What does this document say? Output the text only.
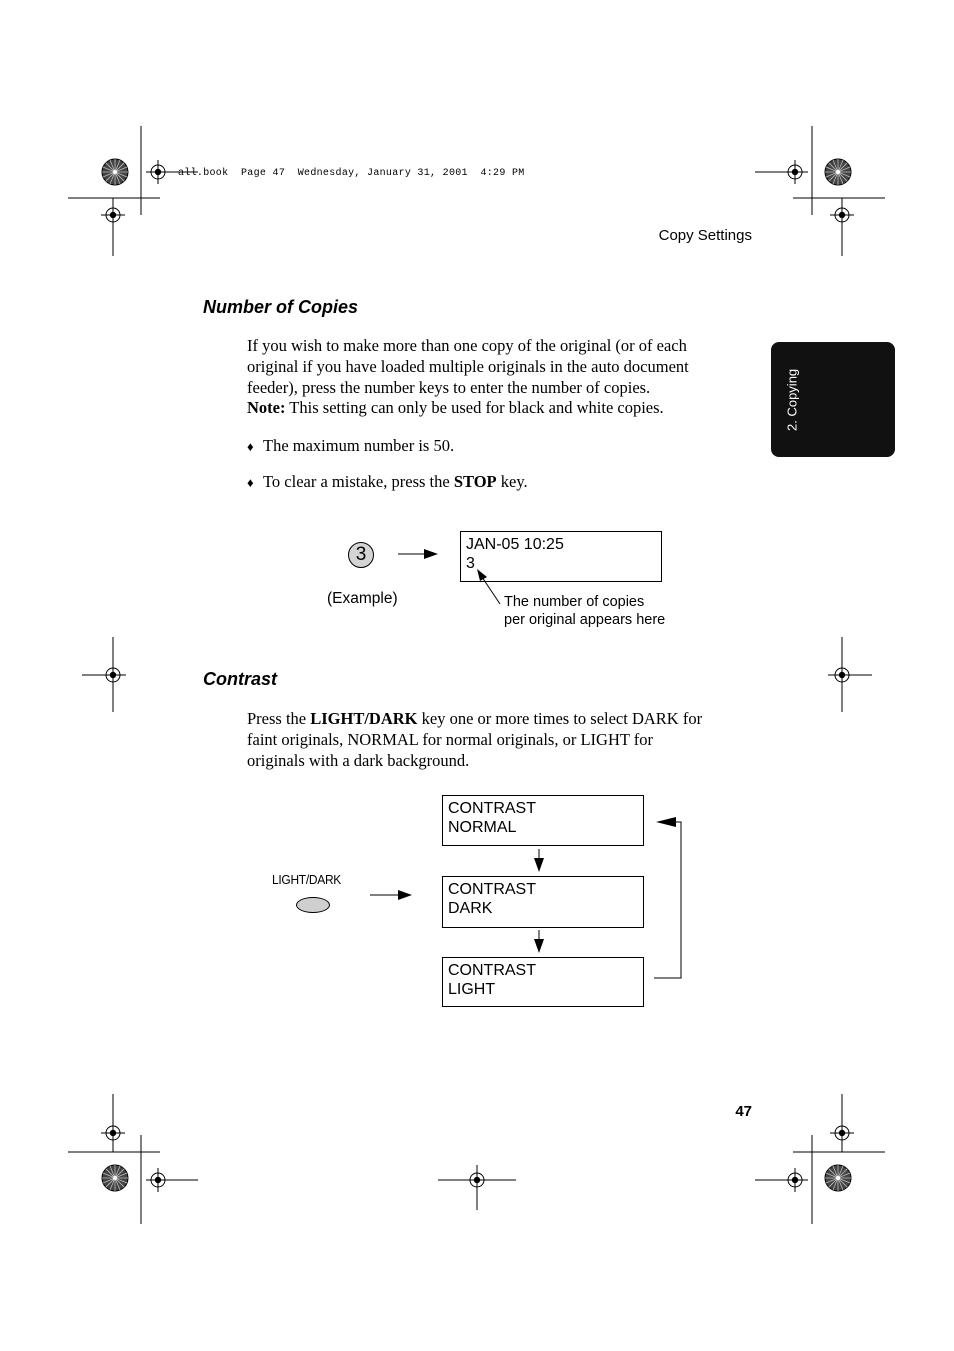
all.book  Page 47  Wednesday, January 31, 2001  4:29 PM
Copy Settings
2. Copying
Number of Copies
If you wish to make more than one copy of the original (or of each
original if you have loaded multiple originals in the auto document
feeder), press the number keys to enter the number of copies.
Note: This setting can only be used for black and white copies.
♦ The maximum number is 50.
♦ To clear a mistake, press the STOP key.
3
(Example)
JAN-05 10:25
3
The number of copies
per original appears here
Contrast
Press the LIGHT/DARK key one or more times to select DARK for
faint originals, NORMAL for normal originals, or LIGHT for
originals with a dark background.
LIGHT/DARK
CONTRAST
NORMAL
CONTRAST
DARK
CONTRAST
LIGHT
47
